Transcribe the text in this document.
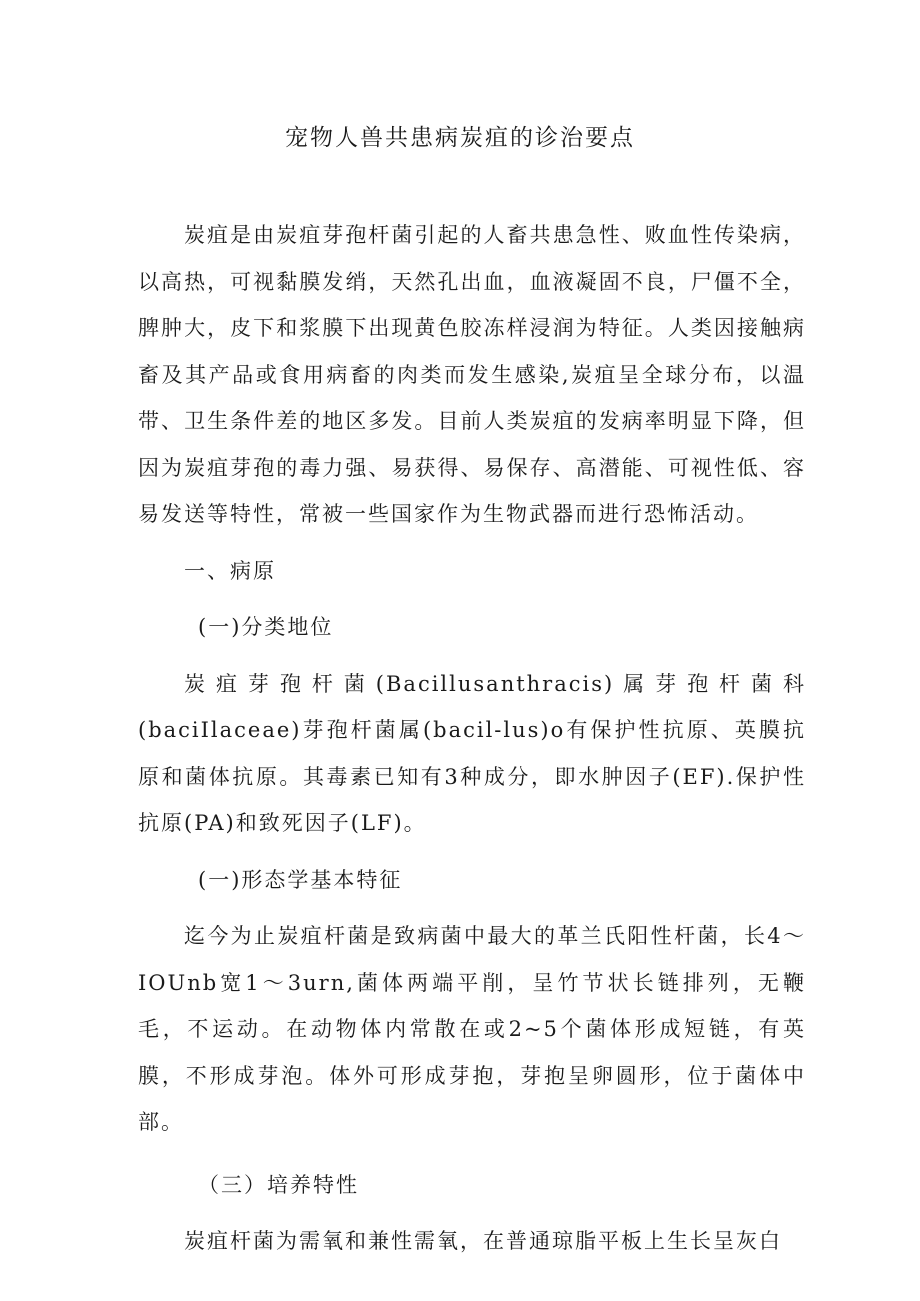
宠物人兽共患病炭疽的诊治要点

炭疽是由炭疽芽孢杆菌引起的人畜共患急性、败血性传染病，以高热，可视黏膜发绡，天然孔出血，血液凝固不良，尸僵不全，脾肿大，皮下和浆膜下出现黄色胶冻样浸润为特征。人类因接触病畜及其产品或食用病畜的肉类而发生感染,炭疽呈全球分布，以温带、卫生条件差的地区多发。目前人类炭疽的发病率明显下降，但因为炭疽芽孢的毒力强、易获得、易保存、高潜能、可视性低、容易发送等特性，常被一些国家作为生物武器而进行恐怖活动。

一、病原

(一)分类地位

炭疽芽孢杆菌(Bacillusanthracis)属芽孢杆菌科(baciIlaceae)芽孢杆菌属(bacil-lus)o有保护性抗原、英膜抗原和菌体抗原。其毒素已知有3种成分，即水肿因子(EF).保护性抗原(PA)和致死因子(LF)。

(一)形态学基本特征

迄今为止炭疽杆菌是致病菌中最大的革兰氏阳性杆菌，长4～IOUnb宽1～3urn,菌体两端平削，呈竹节状长链排列，无鞭毛，不运动。在动物体内常散在或2~5个菌体形成短链，有英膜，不形成芽泡。体外可形成芽抱，芽抱呈卵圆形，位于菌体中部。

（三）培养特性

炭疽杆菌为需氧和兼性需氧，在普通琼脂平板上生长呈灰白
